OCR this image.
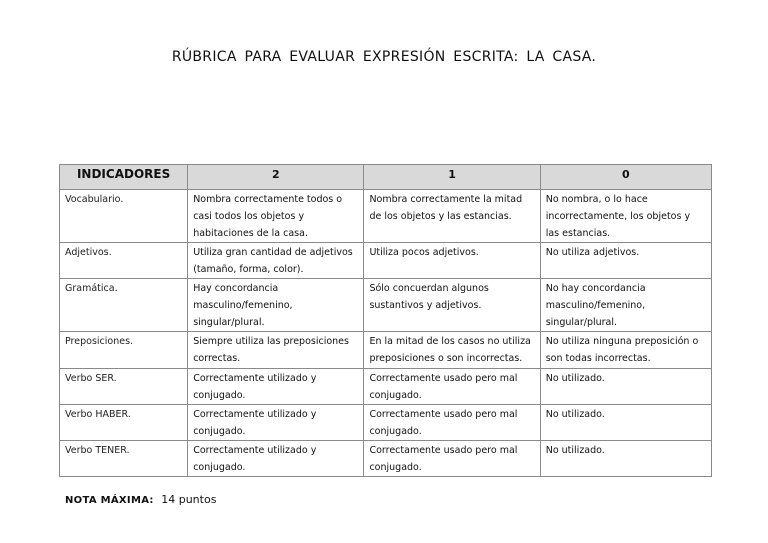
RÚBRICA PARA EVALUAR EXPRESIÓN ESCRITA: LA CASA.
INDICADORES	2	1	0
Vocabulario.	Nombra correctamente todos o casi todos los objetos y habitaciones de la casa.	Nombra correctamente la mitad de los objetos y las estancias.	No nombra, o lo hace incorrectamente, los objetos y las estancias.
Adjetivos.	Utiliza gran cantidad de adjetivos (tamaño, forma, color).	Utiliza pocos adjetivos.	No utiliza adjetivos.
Gramática.	Hay concordancia masculino/femenino, singular/plural.	Sólo concuerdan algunos sustantivos y adjetivos.	No hay concordancia masculino/femenino, singular/plural.
Preposiciones.	Siempre utiliza las preposiciones correctas.	En la mitad de los casos no utiliza preposiciones o son incorrectas.	No utiliza ninguna preposición o son todas incorrectas.
Verbo SER.	Correctamente utilizado y conjugado.	Correctamente usado pero mal conjugado.	No utilizado.
Verbo HABER.	Correctamente utilizado y conjugado.	Correctamente usado pero mal conjugado.	No utilizado.
Verbo TENER.	Correctamente utilizado y conjugado.	Correctamente usado pero mal conjugado.	No utilizado.
NOTA MÁXIMA: 14 puntos
